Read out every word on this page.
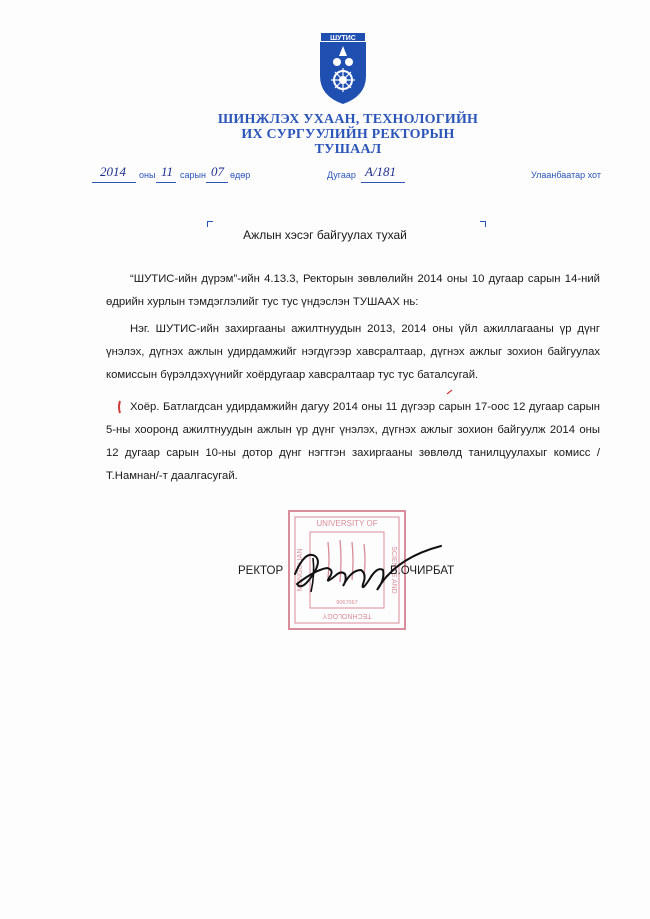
ШУТИС
ШИНЖЛЭХ УХААН, ТЕХНОЛОГИЙН
ИХ СУРГУУЛИЙН РЕКТОРЫН
ТУШААЛ
2014 оны 11 сарын 07 өдөр	Дугаар А/181	Улаанбаатар хот
Ажлын хэсэг байгуулах тухай
“ШУТИС-ийн дүрэм”-ийн 4.13.3, Ректорын зөвлөлийн 2014 оны 10 дугаар сарын 14-ний өдрийн хурлын тэмдэглэлийг тус тус үндэслэн ТУШААХ нь:
Нэг. ШУТИС-ийн захиргааны ажилтнуудын 2013, 2014 оны үйл ажиллагааны үр дүнг үнэлэх, дүгнэх ажлын удирдамжийг нэгдүгээр хавсралтаар, дүгнэх ажлыг зохион байгуулах комиссын бүрэлдэхүүнийг хоёрдугаар хавсралтаар тус тус баталсугай.
Хоёр. Батлагдсан удирдамжийн дагуу 2014 оны 11 дүгээр сарын 17-оос 12 дугаар сарын 5-ны хооронд ажилтнуудын ажлын үр дүнг үнэлэх, дүгнэх ажлыг зохион байгуулж 2014 оны 12 дугаар сарын 10-ны дотор дүнг нэгтгэн захиргааны зөвлөлд танилцуулахыг комисс /Т.Намнан/-т даалгасугай.
UNIVERSITY OF
TECHNOLOGY
SCIENCE AND
MONGOLIAN
9067067
РЕКТОР	Б.ОЧИРБАТ
